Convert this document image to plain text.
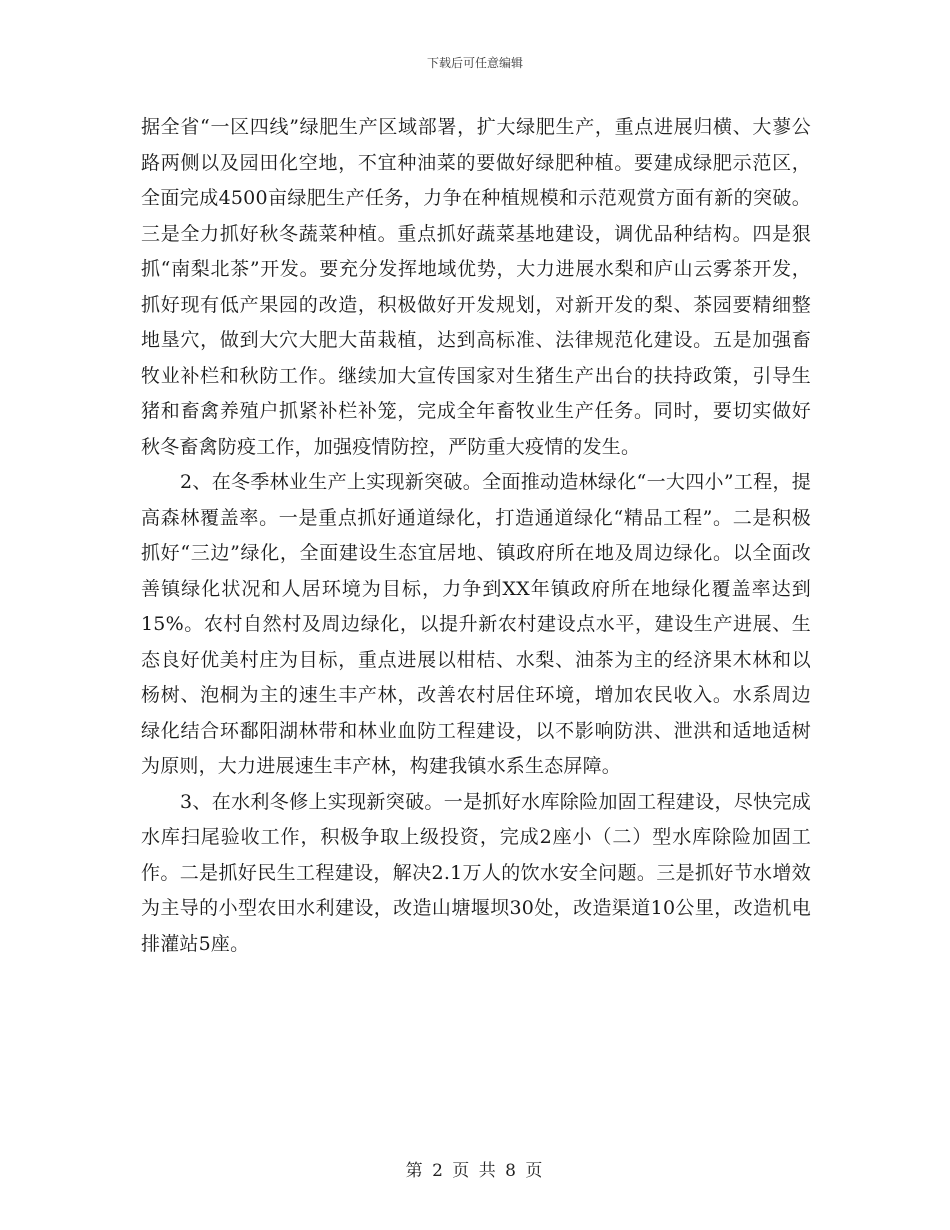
下载后可任意编辑

据全省“一区四线”绿肥生产区域部署，扩大绿肥生产，重点进展归横、大蓼公路两侧以及园田化空地，不宜种油菜的要做好绿肥种植。要建成绿肥示范区，全面完成4500亩绿肥生产任务，力争在种植规模和示范观赏方面有新的突破。三是全力抓好秋冬蔬菜种植。重点抓好蔬菜基地建设，调优品种结构。四是狠抓“南梨北茶”开发。要充分发挥地域优势，大力进展水梨和庐山云雾茶开发，抓好现有低产果园的改造，积极做好开发规划，对新开发的梨、茶园要精细整地垦穴，做到大穴大肥大苗栽植，达到高标准、法律规范化建设。五是加强畜牧业补栏和秋防工作。继续加大宣传国家对生猪生产出台的扶持政策，引导生猪和畜禽养殖户抓紧补栏补笼，完成全年畜牧业生产任务。同时，要切实做好秋冬畜禽防疫工作，加强疫情防控，严防重大疫情的发生。

2、在冬季林业生产上实现新突破。全面推动造林绿化“一大四小”工程，提高森林覆盖率。一是重点抓好通道绿化，打造通道绿化“精品工程”。二是积极抓好“三边”绿化，全面建设生态宜居地、镇政府所在地及周边绿化。以全面改善镇绿化状况和人居环境为目标，力争到XX年镇政府所在地绿化覆盖率达到15%。农村自然村及周边绿化，以提升新农村建设点水平，建设生产进展、生态良好优美村庄为目标，重点进展以柑桔、水梨、油茶为主的经济果木林和以杨树、泡桐为主的速生丰产林，改善农村居住环境，增加农民收入。水系周边绿化结合环鄱阳湖林带和林业血防工程建设，以不影响防洪、泄洪和适地适树为原则，大力进展速生丰产林，构建我镇水系生态屏障。

3、在水利冬修上实现新突破。一是抓好水库除险加固工程建设，尽快完成水库扫尾验收工作，积极争取上级投资，完成2座小（二）型水库除险加固工作。二是抓好民生工程建设，解决2.1万人的饮水安全问题。三是抓好节水增效为主导的小型农田水利建设，改造山塘堰坝30处，改造渠道10公里，改造机电排灌站5座。

第 2 页 共 8 页
